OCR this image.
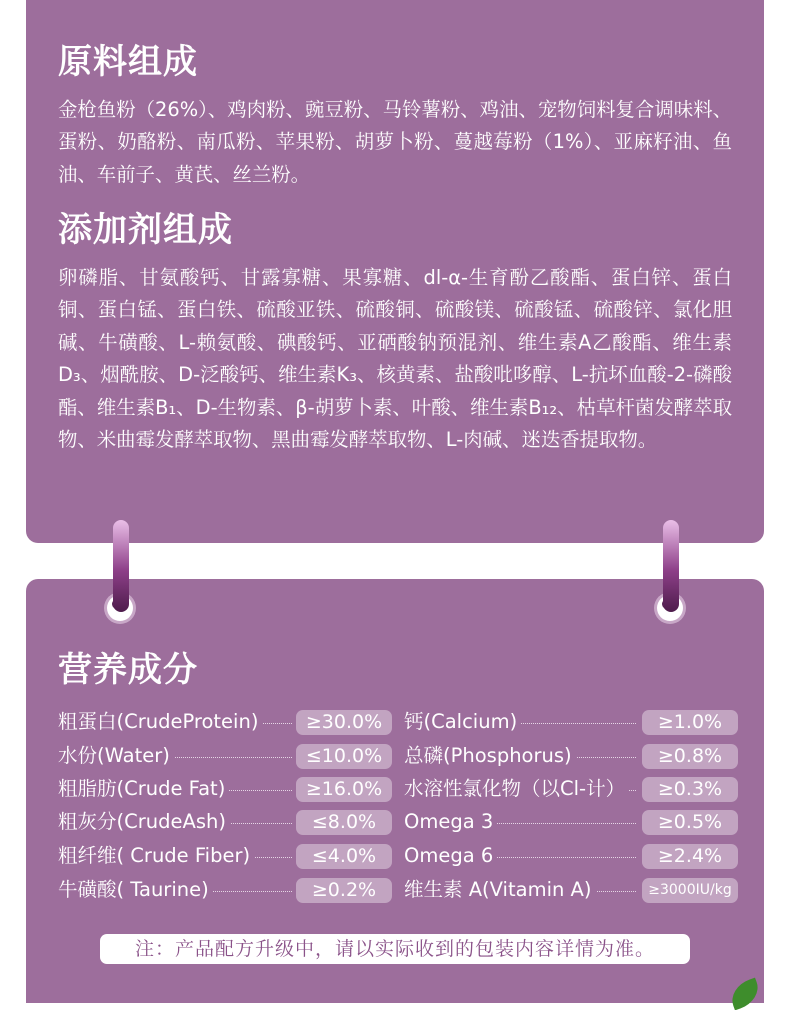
原料组成

金枪鱼粉（26%）、鸡肉粉、豌豆粉、马铃薯粉、鸡油、宠物饲料复合调味料、蛋粉、奶酪粉、南瓜粉、苹果粉、胡萝卜粉、蔓越莓粉（1%）、亚麻籽油、鱼油、车前子、黄芪、丝兰粉。

添加剂组成

卵磷脂、甘氨酸钙、甘露寡糖、果寡糖、dl-α-生育酚乙酸酯、蛋白锌、蛋白铜、蛋白锰、蛋白铁、硫酸亚铁、硫酸铜、硫酸镁、硫酸锰、硫酸锌、氯化胆碱、牛磺酸、L-赖氨酸、碘酸钙、亚硒酸钠预混剂、维生素A乙酸酯、维生素D₃、烟酰胺、D-泛酸钙、维生素K₃、核黄素、盐酸吡哆醇、L-抗坏血酸-2-磷酸酯、维生素B₁、D-生物素、β-胡萝卜素、叶酸、维生素B₁₂、枯草杆菌发酵萃取物、米曲霉发酵萃取物、黑曲霉发酵萃取物、L-肉碱、迷迭香提取物。

营养成分
粗蛋白(CrudeProtein)	≥30.0%
水份(Water)	≤10.0%
粗脂肪(Crude Fat)	≥16.0%
粗灰分(CrudeAsh)	≤8.0%
粗纤维( Crude Fiber)	≤4.0%
牛磺酸( Taurine)	≥0.2%
钙(Calcium)	≥1.0%
总磷(Phosphorus)	≥0.8%
水溶性氯化物（以Cl-计）	≥0.3%
Omega 3	≥0.5%
Omega 6	≥2.4%
维生素 A(Vitamin A)	≥3000IU/kg
注：产品配方升级中，请以实际收到的包装内容详情为准。
